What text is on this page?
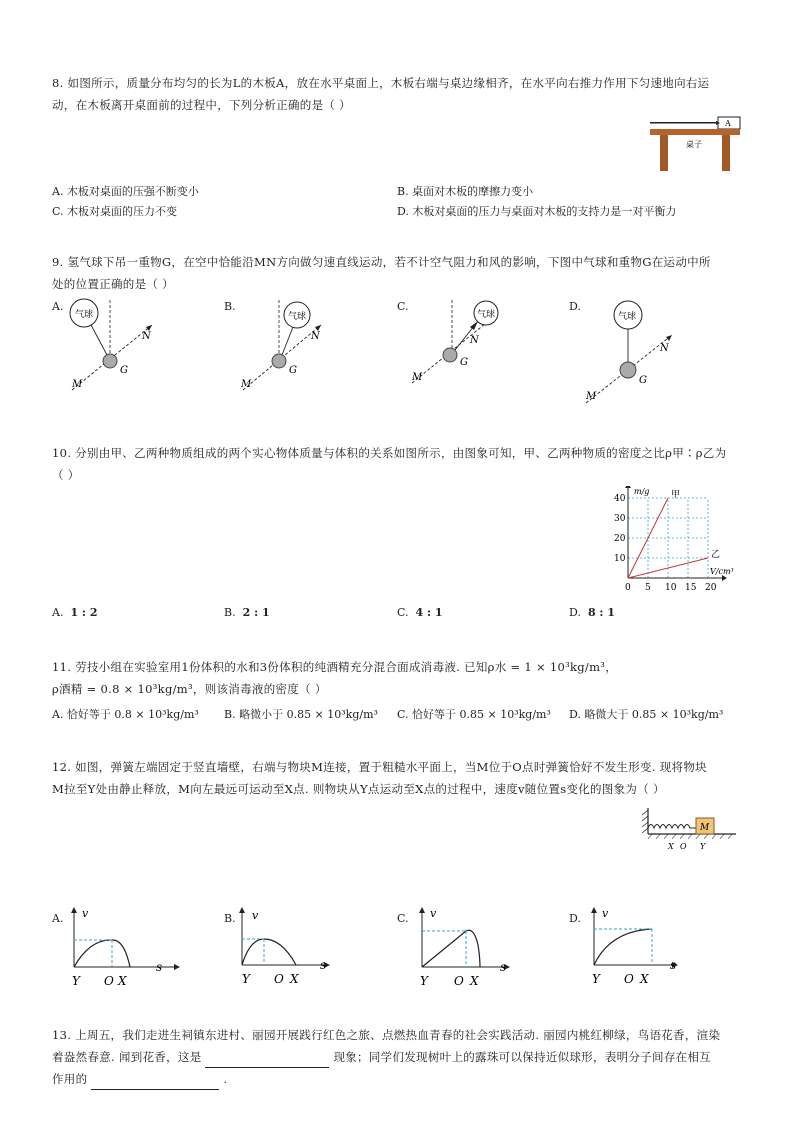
8. 如图所示，质量分布均匀的长为L的木板A，放在水平桌面上，木板右端与桌边缘相齐，在水平向右推力作用下匀速地向右运
动，在木板离开桌面前的过程中，下列分析正确的是（ ）
A
桌子
A. 木板对桌面的压强不断变小	B. 桌面对木板的摩擦力变小
C. 木板对桌面的压力不变	D. 木板对桌面的压力与桌面对木板的支持力是一对平衡力
9. 氢气球下吊一重物G，在空中恰能沿MN方向做匀速直线运动，若不计空气阻力和风的影响，下图中气球和重物G在运动中所
处的位置正确的是（ ）
A.
气球
G
M
N
B.
气球
G
M
N
C.
气球
G
M
N
D.
气球
G
M
N
10. 分别由甲、乙两种物质组成的两个实心物体质量与体积的关系如图所示，由图象可知，甲、乙两种物质的密度之比ρ甲∶ρ乙为
（ ）
0 5 10 15 20
10
20
30
40
m/g
V/cm³
甲
乙
A. 1 : 2	B. 2 : 1	C. 4 : 1	D. 8 : 1
11. 劳技小组在实验室用1份体积的水和3份体积的纯酒精充分混合面成消毒液. 已知ρ水 = 1 × 10³kg/m³，
ρ酒精 = 0.8 × 10³kg/m³，则该消毒液的密度（ ）
A. 恰好等于 0.8 × 10³kg/m³ B. 略微小于 0.85 × 10³kg/m³ C. 恰好等于 0.85 × 10³kg/m³ D. 略微大于 0.85 × 10³kg/m³
12. 如图，弹簧左端固定于竖直墙壁，右端与物块M连接，置于粗糙水平面上，当M位于O点时弹簧恰好不发生形变. 现将物块
M拉至Y处由静止释放，M向左最远可运动至X点. 则物块从Y点运动至X点的过程中，速度v随位置s变化的图象为（ ）
M
X O Y
A. v
s
Y O X
B. v
s
Y O X
C. v
s
Y O X
D. v
s
Y O X
13. 上周五，我们走进生祠镇东进村、丽园开展践行红色之旅、点燃热血青春的社会实践活动. 丽园内桃红柳绿，鸟语花香，渲染
着盎然春意. 闻到花香，这是	现象；同学们发现树叶上的露珠可以保持近似球形，表明分子间存在相互
作用的	.
